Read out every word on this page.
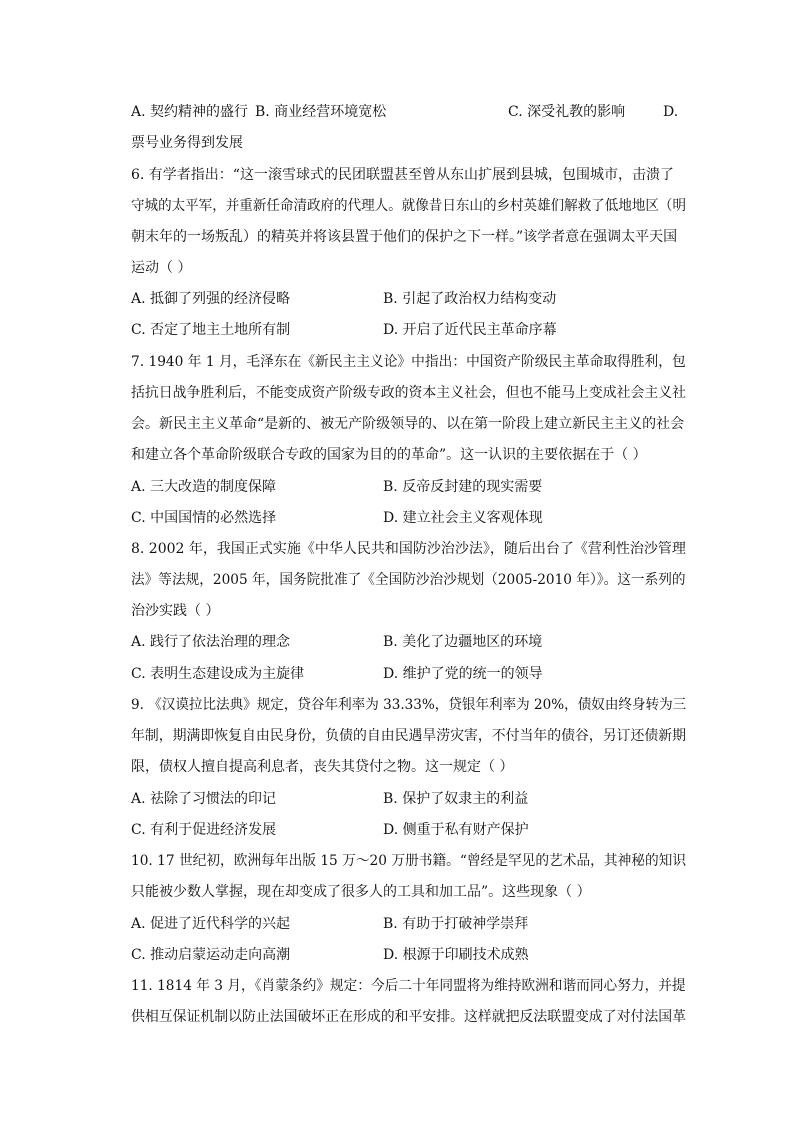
A. 契约精神的盛行 B. 商业经营环境宽松	C. 深受礼教的影响	D.
票号业务得到发展
6. 有学者指出：“这一滚雪球式的民团联盟甚至曾从东山扩展到县城，包围城市，击溃了
守城的太平军，并重新任命清政府的代理人。就像昔日东山的乡村英雄们解救了低地地区（明
朝末年的一场叛乱）的精英并将该县置于他们的保护之下一样。”该学者意在强调太平天国
运动（ ）
A. 抵御了列强的经济侵略	B. 引起了政治权力结构变动
C. 否定了地主土地所有制	D. 开启了近代民主革命序幕
7. 1940 年 1 月，毛泽东在《新民主主义论》中指出：中国资产阶级民主革命取得胜利，包
括抗日战争胜利后，不能变成资产阶级专政的资本主义社会，但也不能马上变成社会主义社
会。新民主主义革命“是新的、被无产阶级领导的、以在第一阶段上建立新民主主义的社会
和建立各个革命阶级联合专政的国家为目的的革命”。这一认识的主要依据在于（ ）
A. 三大改造的制度保障	B. 反帝反封建的现实需要
C. 中国国情的必然选择	D. 建立社会主义客观体现
8. 2002 年，我国正式实施《中华人民共和国防沙治沙法》，随后出台了《营利性治沙管理
法》等法规，2005 年，国务院批准了《全国防沙治沙规划（2005-2010 年）》。这一系列的
治沙实践（ ）
A. 践行了依法治理的理念	B. 美化了边疆地区的环境
C. 表明生态建设成为主旋律	D. 维护了党的统一的领导
9. 《汉谟拉比法典》规定，贷谷年利率为 33.33%，贷银年利率为 20%，债奴由终身转为三
年制，期满即恢复自由民身份，负债的自由民遇旱涝灾害，不付当年的债谷，另订还债新期
限，债权人擅自提高利息者，丧失其贷付之物。这一规定（ ）
A. 祛除了习惯法的印记	B. 保护了奴隶主的利益
C. 有利于促进经济发展	D. 侧重于私有财产保护
10. 17 世纪初，欧洲每年出版 15 万～20 万册书籍。“曾经是罕见的艺术品，其神秘的知识
只能被少数人掌握，现在却变成了很多人的工具和加工品”。这些现象（ ）
A. 促进了近代科学的兴起	B. 有助于打破神学崇拜
C. 推动启蒙运动走向高潮	D. 根源于印刷技术成熟
11. 1814 年 3 月，《肖蒙条约》规定：今后二十年同盟将为维持欧洲和谐而同心努力，并提
供相互保证机制以防止法国破坏正在形成的和平安排。这样就把反法联盟变成了对付法国革
